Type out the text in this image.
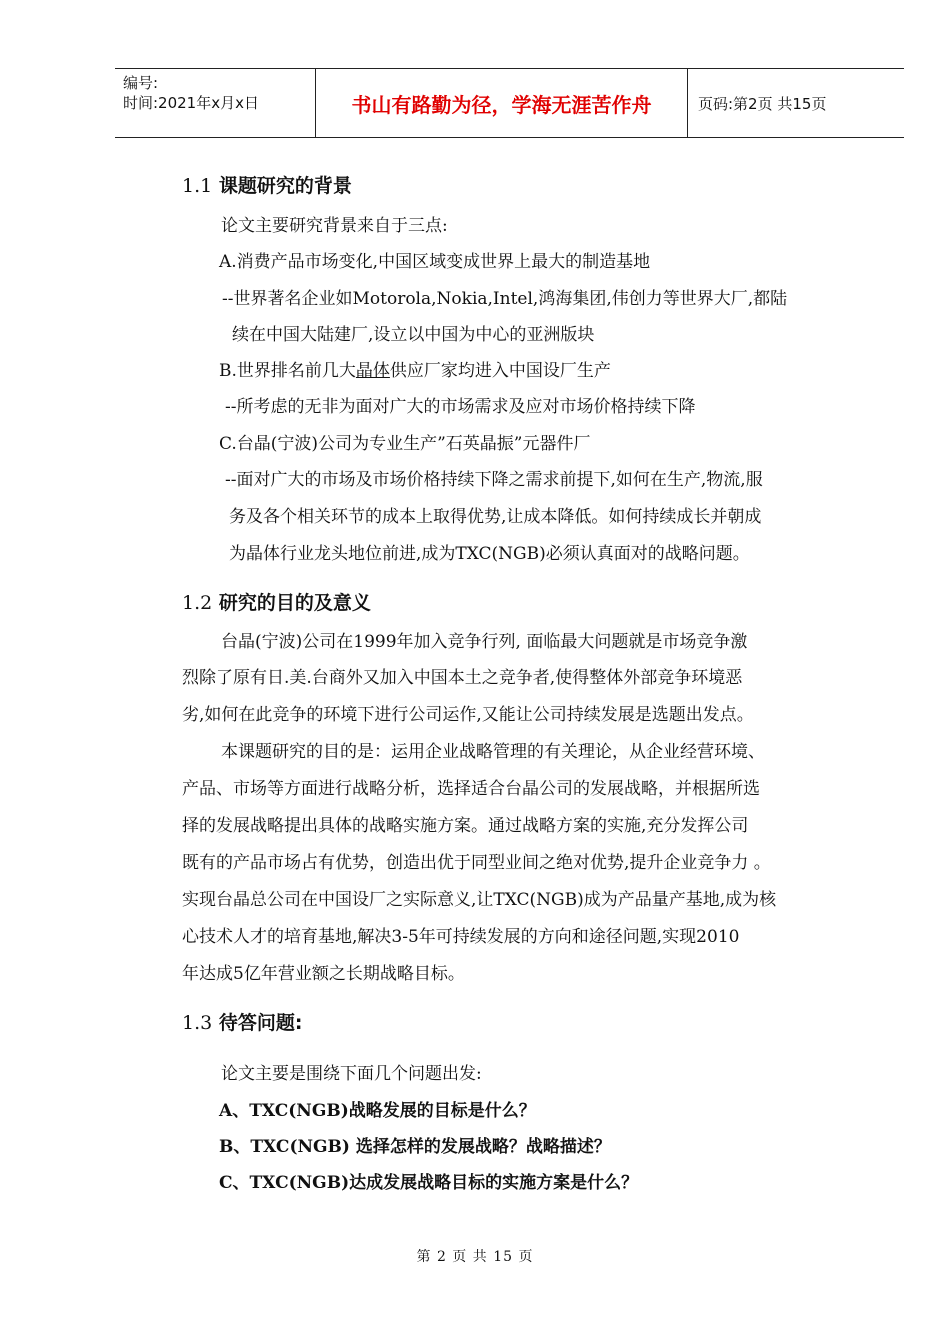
编号:
时间:2021年x月x日	书山有路勤为径，学海无涯苦作舟	页码:第2页 共15页
1.1 课题研究的背景
论文主要研究背景来自于三点:
A.消费产品市场变化,中国区域变成世界上最大的制造基地
--世界著名企业如Motorola,Nokia,Intel,鸿海集团,伟创力等世界大厂,都陆
续在中国大陆建厂,设立以中国为中心的亚洲版块
B.世界排名前几大晶体供应厂家均进入中国设厂生产
--所考虑的无非为面对广大的市场需求及应对市场价格持续下降
C.台晶(宁波)公司为专业生产”石英晶振”元器件厂
--面对广大的市场及市场价格持续下降之需求前提下,如何在生产,物流,服
务及各个相关环节的成本上取得优势,让成本降低。如何持续成长并朝成
为晶体行业龙头地位前进,成为TXC(NGB)必须认真面对的战略问题。
1.2 研究的目的及意义
台晶(宁波)公司在1999年加入竞争行列, 面临最大问题就是市场竞争激
烈除了原有日.美.台商外又加入中国本土之竞争者,使得整体外部竞争环境恶
劣,如何在此竞争的环境下进行公司运作,又能让公司持续发展是选题出发点。
本课题研究的目的是：运用企业战略管理的有关理论，从企业经营环境、
产品、市场等方面进行战略分析，选择适合台晶公司的发展战略，并根据所选
择的发展战略提出具体的战略实施方案。通过战略方案的实施,充分发挥公司
既有的产品市场占有优势，创造出优于同型业间之绝对优势,提升企业竞争力 。
实现台晶总公司在中国设厂之实际意义,让TXC(NGB)成为产品量产基地,成为核
心技术人才的培育基地,解决3-5年可持续发展的方向和途径问题,实现2010
年达成5亿年营业额之长期战略目标。
1.3 待答问题:
论文主要是围绕下面几个问题出发:
A、TXC(NGB)战略发展的目标是什么？
B、TXC(NGB) 选择怎样的发展战略？战略描述？
C、TXC(NGB)达成发展战略目标的实施方案是什么？
第 2 页 共 15 页
